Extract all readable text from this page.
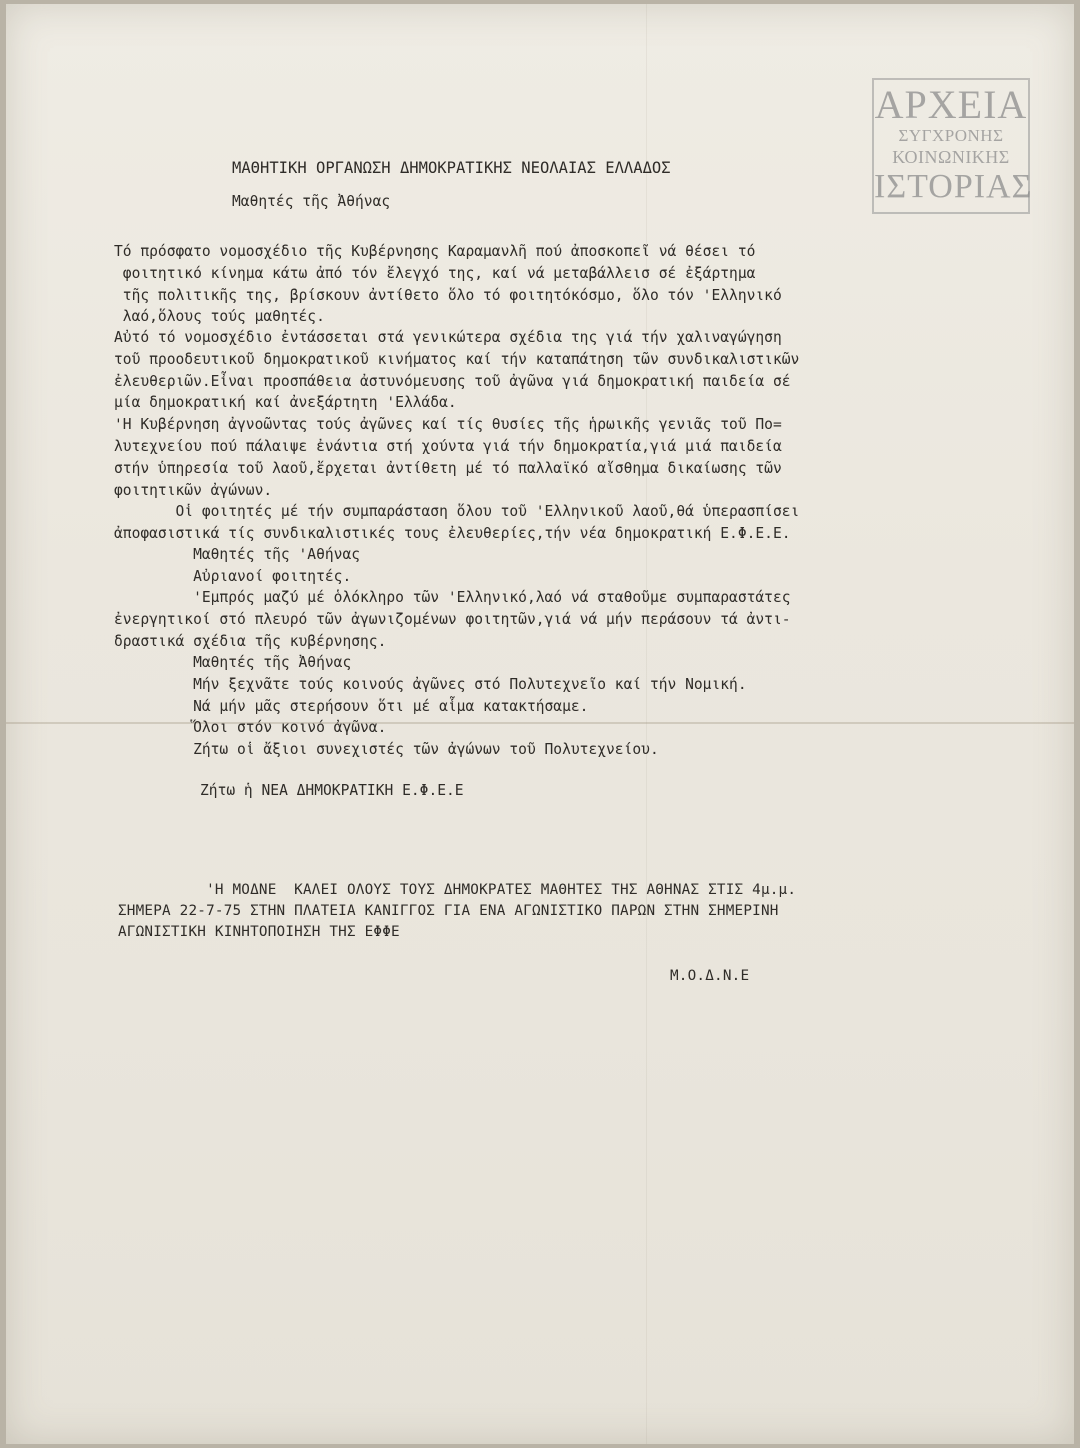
ΑΡΧΕΙΑ
ΣΥΓΧΡΟΝΗΣ
ΚΟΙΝΩΝΙΚΗΣ
ΙΣΤΟΡΙΑΣ
ΜΑΘΗΤΙΚΗ ΟΡΓΑΝΩΣΗ ΔΗΜΟΚΡΑΤΙΚΗΣ ΝΕΟΛΑΙΑΣ ΕΛΛΑΔΟΣ
Μαθητές τῆς Ἀθήνας
Τό πρόσφατο νομοσχέδιο τῆς Κυβέρνησης Καραμανλῆ πού ἀποσκοπεῖ νά θέσει τό
φοιτητικό κίνημα κάτω ἀπό τόν ἔλεγχό της, καί νά μεταβάλλεισ σέ ἐξάρτημα
τῆς πολιτικῆς της, βρίσκουν ἀντίθετο ὅλο τό φοιτητόκόσμο, ὅλο τόν 'Ελληνικό
λαό,ὅλους τούς μαθητές.
Αὐτό τό νομοσχέδιο ἐντάσσεται στά γενικώτερα σχέδια της γιά τήν χαλιναγώγηση
τοῦ προοδευτικοῦ δημοκρατικοῦ κινήματος καί τήν καταπάτηση τῶν συνδικαλιστικῶν
ἐλευθεριῶν.Εἶναι προσπάθεια ἀστυνόμευσης τοῦ ἀγῶνα γιά δημοκρατική παιδεία σέ
μία δημοκρατική καί ἀνεξάρτητη 'Ελλάδα.
'Η Κυβέρνηση ἀγνοῶντας τούς ἀγῶνες καί τίς θυσίες τῆς ἡρωικῆς γενιᾶς τοῦ Πο=
λυτεχνείου πού πάλαιψε ἐνάντια στή χούντα γιά τήν δημοκρατία,γιά μιά παιδεία
στήν ὑπηρεσία τοῦ λαοῦ,ἔρχεται ἀντίθετη μέ τό παλλαϊκό αἴσθημα δικαίωσης τῶν
φοιτητικῶν ἀγώνων.
Οἱ φοιτητές μέ τήν συμπαράσταση ὅλου τοῦ 'Ελληνικοῦ λαοῦ,θά ὑπερασπίσει
ἀποφασιστικά τίς συνδικαλιστικές τους ἐλευθερίες,τήν νέα δημοκρατική Ε.Φ.Ε.Ε.
Μαθητές τῆς 'Αθήνας
Αὐριανοί φοιτητές.
'Εμπρός μαζύ μέ ὁλόκληρο τῶν 'Ελληνικό,λαό νά σταθοῦμε συμπαραστάτες
ἐνεργητικοί στό πλευρό τῶν ἀγωνιζομένων φοιτητῶν,γιά νά μήν περάσουν τά ἀντι-
δραστικά σχέδια τῆς κυβέρνησης.
Μαθητές τῆς Ἀθήνας
Μήν ξεχνᾶτε τούς κοινούς ἀγῶνες στό Πολυτεχνεῖο καί τήν Νομική.
Νά μήν μᾶς στερήσουν ὅτι μέ αἷμα κατακτήσαμε.
Ὅλοι στόν κοινό ἀγῶνα.
Ζήτω οἱ ἄξιοι συνεχιστές τῶν ἀγώνων τοῦ Πολυτεχνείου.
Ζήτω ἡ ΝΕΑ ΔΗΜΟΚΡΑΤΙΚΗ Ε.Φ.Ε.Ε
'Η ΜΟΔΝΕ  ΚΑΛΕΙ ΟΛΟΥΣ ΤΟΥΣ ΔΗΜΟΚΡΑΤΕΣ ΜΑΘΗΤΕΣ ΤΗΣ ΑΘΗΝΑΣ ΣΤΙΣ 4μ.μ.
ΣΗΜΕΡΑ 22-7-75 ΣΤΗΝ ΠΛΑΤΕΙΑ ΚΑΝΙΓΓΟΣ ΓΙΑ ΕΝΑ ΑΓΩΝΙΣΤΙΚΟ ΠΑΡΩΝ ΣΤΗΝ ΣΗΜΕΡΙΝΗ
ΑΓΩΝΙΣΤΙΚΗ ΚΙΝΗΤΟΠΟΙΗΣΗ ΤΗΣ ΕΦΦΕ
Μ.Ο.Δ.Ν.Ε
